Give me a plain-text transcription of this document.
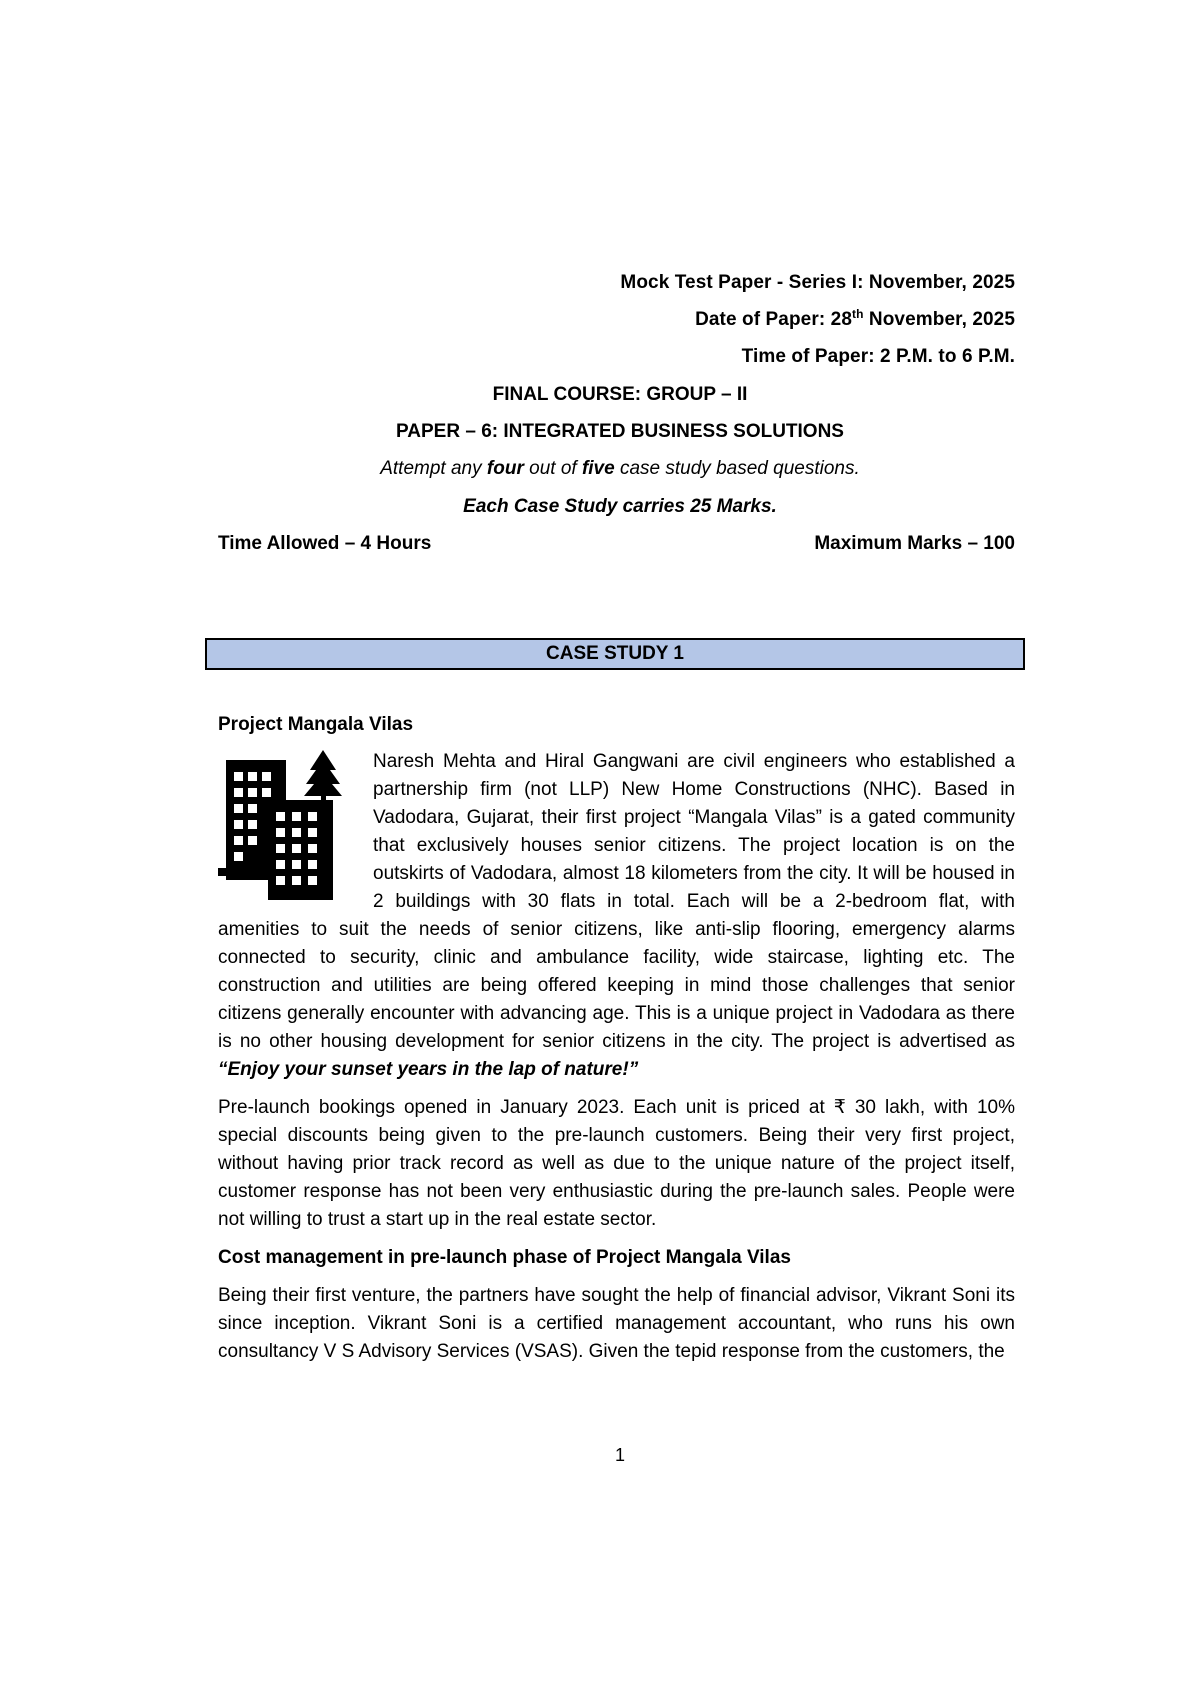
Mock Test Paper - Series I: November, 2025
Date of Paper: 28th November, 2025
Time of Paper: 2 P.M. to 6 P.M.
FINAL COURSE: GROUP – II
PAPER – 6: INTEGRATED BUSINESS SOLUTIONS
Attempt any four out of five case study based questions.
Each Case Study carries 25 Marks.
Time Allowed – 4 Hours	Maximum Marks – 100
CASE STUDY 1
Project Mangala Vilas

Naresh Mehta and Hiral Gangwani are civil engineers who established a partnership firm (not LLP) New Home Constructions (NHC). Based in Vadodara, Gujarat, their first project “Mangala Vilas” is a gated community that exclusively houses senior citizens. The project location is on the outskirts of Vadodara, almost 18 kilometers from the city. It will be housed in 2 buildings with 30 flats in total. Each will be a 2-bedroom flat, with amenities to suit the needs of senior citizens, like anti-slip flooring, emergency alarms connected to security, clinic and ambulance facility, wide staircase, lighting etc. The construction and utilities are being offered keeping in mind those challenges that senior citizens generally encounter with advancing age. This is a unique project in Vadodara as there is no other housing development for senior citizens in the city. The project is advertised as “Enjoy your sunset years in the lap of nature!”

Pre-launch bookings opened in January 2023. Each unit is priced at ₹ 30 lakh, with 10% special discounts being given to the pre-launch customers. Being their very first project, without having prior track record as well as due to the unique nature of the project itself, customer response has not been very enthusiastic during the pre-launch sales. People were not willing to trust a start up in the real estate sector.

Cost management in pre-launch phase of Project Mangala Vilas

Being their first venture, the partners have sought the help of financial advisor, Vikrant Soni its since inception. Vikrant Soni is a certified management accountant, who runs his own consultancy V S Advisory Services (VSAS). Given the tepid response from the customers, the

1
